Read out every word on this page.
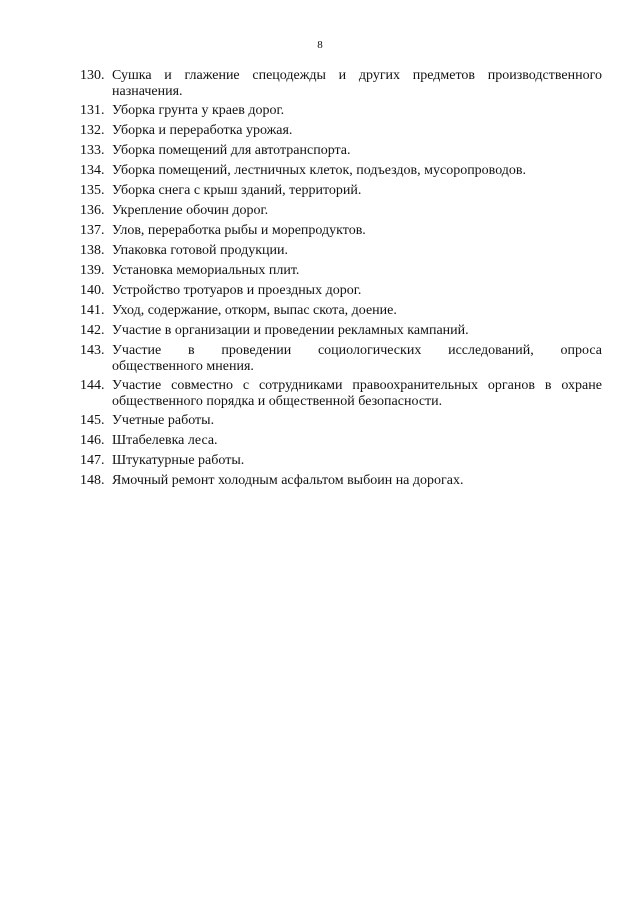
8
130. Сушка и глажение спецодежды и других предметов производственного
назначения.
131. Уборка грунта у краев дорог.
132. Уборка и переработка урожая.
133. Уборка помещений для автотранспорта.
134. Уборка помещений, лестничных клеток, подъездов, мусоропроводов.
135. Уборка снега с крыш зданий, территорий.
136. Укрепление обочин дорог.
137. Улов, переработка рыбы и морепродуктов.
138. Упаковка готовой продукции.
139. Установка мемориальных плит.
140. Устройство тротуаров и проездных дорог.
141. Уход, содержание, откорм, выпас скота, доение.
142. Участие в организации и проведении рекламных кампаний.
143. Участие в проведении социологических исследований, опроса
общественного мнения.
144. Участие совместно с сотрудниками правоохранительных органов в охране
общественного порядка и общественной безопасности.
145. Учетные работы.
146. Штабелевка леса.
147. Штукатурные работы.
148. Ямочный ремонт холодным асфальтом выбоин на дорогах.
